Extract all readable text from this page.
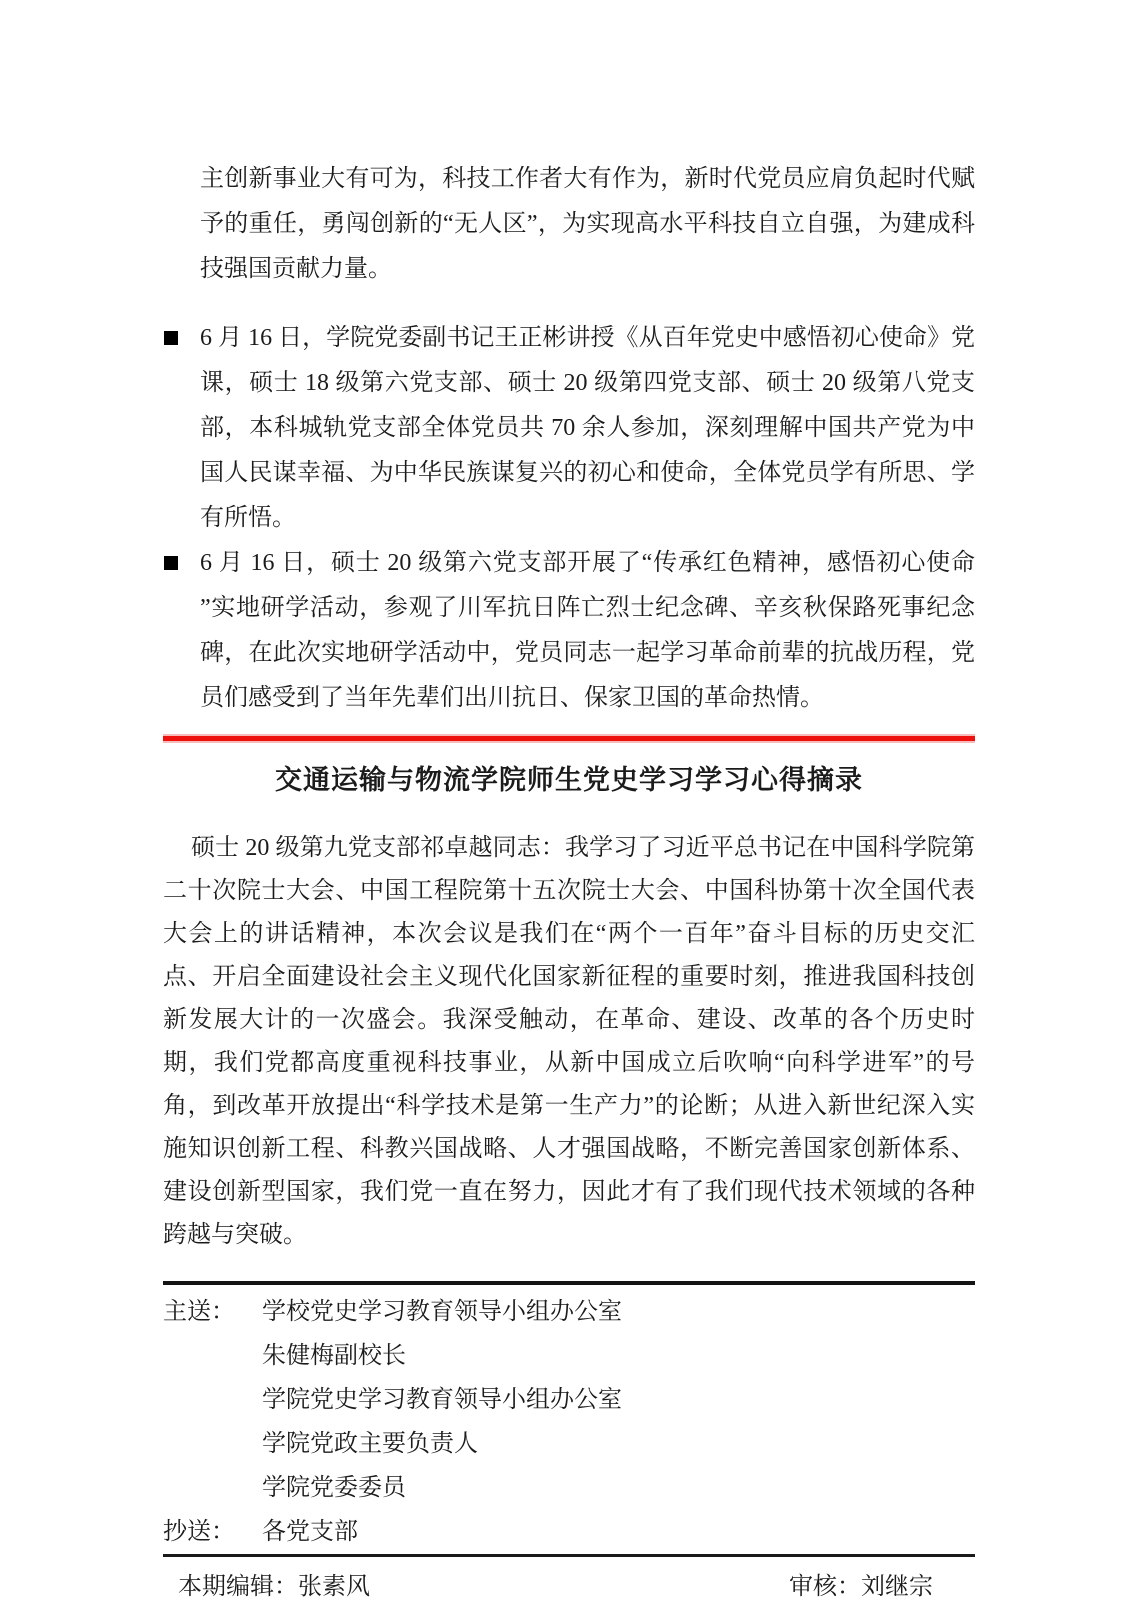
主创新事业大有可为，科技工作者大有作为，新时代党员应肩负起时代赋予的重任，勇闯创新的“无人区”，为实现高水平科技自立自强，为建成科技强国贡献力量。

6 月 16 日，学院党委副书记王正彬讲授《从百年党史中感悟初心使命》党课，硕士 18 级第六党支部、硕士 20 级第四党支部、硕士 20 级第八党支部，本科城轨党支部全体党员共 70 余人参加，深刻理解中国共产党为中国人民谋幸福、为中华民族谋复兴的初心和使命，全体党员学有所思、学有所悟。
6 月 16 日，硕士 20 级第六党支部开展了“传承红色精神，感悟初心使命 ”实地研学活动，参观了川军抗日阵亡烈士纪念碑、辛亥秋保路死事纪念碑，在此次实地研学活动中，党员同志一起学习革命前辈的抗战历程，党员们感受到了当年先辈们出川抗日、保家卫国的革命热情。
交通运输与物流学院师生党史学习学习心得摘录

硕士 20 级第九党支部祁卓越同志：我学习了习近平总书记在中国科学院第二十次院士大会、中国工程院第十五次院士大会、中国科协第十次全国代表大会上的讲话精神，本次会议是我们在“两个一百年”奋斗目标的历史交汇点、开启全面建设社会主义现代化国家新征程的重要时刻，推进我国科技创新发展大计的一次盛会。我深受触动，在革命、建设、改革的各个历史时期，我们党都高度重视科技事业，从新中国成立后吹响“向科学进军”的号角，到改革开放提出“科学技术是第一生产力”的论断；从进入新世纪深入实施知识创新工程、科教兴国战略、人才强国战略，不断完善国家创新体系、建设创新型国家，我们党一直在努力，因此才有了我们现代技术领域的各种跨越与突破。

主送：	学校党史学习教育领导小组办公室
朱健梅副校长
学院党史学习教育领导小组办公室
学院党政主要负责人
学院党委委员
抄送：	各党支部
本期编辑：张素风	审核：刘继宗
